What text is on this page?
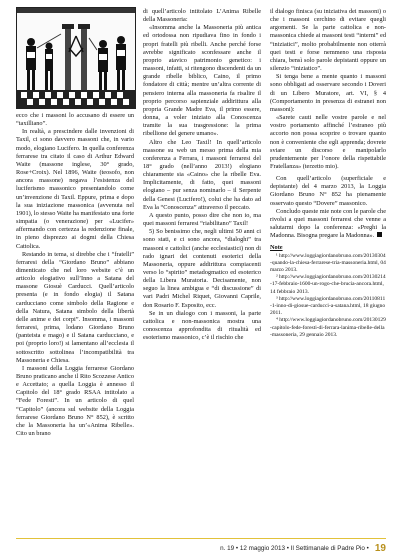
ecco che i massoni lo accusano di essere un “taxilliano”.

In realtà, a prescindere dalle invenzioni di Taxil, ci sono davvero massoni che, in vario modo, elogiano Lucifero. In quella conferenza ferrarese tra citato il caso di Arthur Edward Waite (massone inglese, 30° grado, Rose+Croix). Nel 1896, Waite (teosofo, non ancora massone) negava l’esistenza del luciferismo massonico presentandolo come un’invenzione di Taxil. Eppure, prima e dopo la sua iniziazione massonica (avvenuta nel 1901), lo stesso Waite ha manifestato una forte simpatia (o venerazione) per «Lucifer» affermando con certezza la redenzione finale, in pieno disprezzo ai dogmi della Chiesa Cattolica.

Restando in tema, si direbbe che i “fratelli” ferraresi della “Giordano Bruno” abbiano dimenticato che nel loro website c’è un articolo elogiativo sull’Inno a Satana del massone Giosuè Carducci. Quell’articolo presenta (e in fondo elogia) il Satana carducciano come simbolo della Ragione e della Natura, Satana simbolo della libertà delle anime e dei corpi”. Insomma, i massoni ferraresi, prima, lodano Giordano Bruno (panteista e mago) e il Satana carducciano, e poi (proprio loro!) si lamentano all’ecclesia il sottoscritto sottolinea l’incompatibilità tra Massoneria e Chiesa.

I massoni della Loggia ferrarese Giordano Bruno praticano anche il Rito Scozzese Antico e Accettato; a quella Loggia è annesso il Capitolo del 18° grado RSAA intitolato a “Fede Foresti”. In un articolo di quel “Capitolo” (ancora sul website della Loggia ferrarese Giordano Bruno N° 852), è scritto che la Massoneria ha un’«Anima Ribelle». Cito un brano

di quell’articolo intitolato L’Anima Ribelle della Massoneria:

«Insomma anche la Massoneria più antica ed ortodossa non ripudiava fino in fondo i propri fratelli più ribelli. Anche perché forse avrebbe significato sconfessare anche il proprio atavico patrimonio genetico: i massoni, infatti, si ritengono discendenti da un grande ribelle biblico, Caino, il primo fondatore di città; mentre un’altra corrente di pensiero interna alla massoneria fa risalire il proprio percorso sapienziale addirittura alla propria Grande Madre Eva, il primo essere, donna, a voler iniziato alla Conoscenza tramite la sua trasgressione: la prima ribellione del genere umano».

Altro che Leo Taxil! In quell’articolo massone su web un messo prima della mia conferenza a Ferrara, i massoni ferraresi del 18° grado (nell’anno 2013!) elogiano chiaramente sia «Caino» che la ribelle Eva. Implicitamente, di fatto, quei massoni elogiano – pur senza nominarlo – il Serpente della Genesi (Lucifero!), colui che ha dato ad Eva la “Conoscenza” attraverso il peccato.

A questo punto, posso dire che non io, ma quei massoni ferraresi “riabilitano” Taxil!

5) So benissimo che, negli ultimi 50 anni ci sono stati, e ci sono ancora, “dialoghi” tra massoni e cattolici (anche ecclesiastici) non di rado ignari dei contenuti esoterici della Massoneria, oppure addirittura compiacenti verso lo “spirito” metadogmatico ed esoterico della Libera Muratoria. Decisamente, non seguo la linea ambigua e “di discussione” di vari Padri Michel Riquet, Giovanni Caprile, don Rosario F. Esposito, ecc.

Se in un dialogo con i massoni, la parte cattolica e non-massonica mostra una conoscenza approfondita di ritualità ed esoterismo massonico, c’è il rischio che

il dialogo finisca (su iniziativa dei massoni) o che i massoni cerchino di evitare quegli argomenti. Se la parte cattolica e non-massonica chiede ai massoni testi “interni” ed “iniziatici”, molto probabilmente non otterrà quei testi e forse nemmeno una risposta chiara, bensì solo parole depistanti oppure un silenzio “iniziatico”.

Si tenga bene a mente quanto i massoni sono obbligati ad osservare secondo i Doveri di un Libero Muratore, art. VI, § 4 (Comportamento in presenza di estranei non massoni):

«Sarete cauti nelle vostre parole e nel vostro portamento affinché l’estraneo più accorto non possa scoprire o trovare quanto non è conveniente che egli apprenda; dovrete sviare un discorso e manipolarlo prudentemente per l’onore della rispettabile Fratellanza» (terzetto mio).

Con quell’articolo (superficiale e depistante) del 4 marzo 2013, la Loggia Giordano Bruno N° 852 ha pienamente osservato questo “Dovere” massonico.

Concludo queste mie note con le parole che rivolsi a quei massoni ferraresi che venne a salutarmi dopo la conferenza: «Preghi la Madonna. Bisogna pregare la Madonna».

Note

¹ http://www.loggiagiordanobruno.com/20130304-quando-la-chiesa-ferrarese-tria-massoneria.html, 04 marzo 2013.

² http://www.loggiagiordanobruno.com/20130214-17-febbraio-1600-un-rogo-che-brucia-ancora.html, 14 febbraio 2013.

³ http://www.loggiagiordanobruno.com/20110811-1-inno-di-giosue-carducci-a-satana.html, 18 giugno 2011.

⁴ http://www.loggiagiordanobruno.com/20130129-capitolo-fede-foresti-di-ferrara-lanima-ribelle-della-massoneria, 29 gennaio 2013.

n. 19 • 12 maggio 2013 • Il Settimanale di Padre Pio • 19
